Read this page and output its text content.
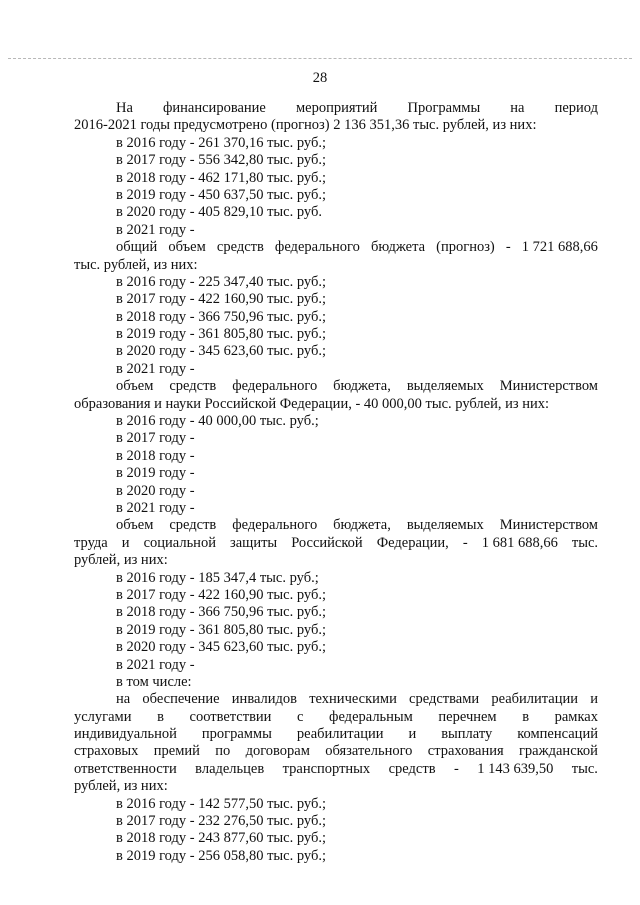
28
На финансирование мероприятий Программы на период
2016-2021 годы предусмотрено (прогноз) 2 136 351,36 тыс. рублей, из них:
в 2016 году - 261 370,16 тыс. руб.;
в 2017 году - 556 342,80 тыс. руб.;
в 2018 году - 462 171,80 тыс. руб.;
в 2019 году - 450 637,50 тыс. руб.;
в 2020 году - 405 829,10 тыс. руб.
в 2021 году -
общий объем средств федерального бюджета (прогноз) - 1 721 688,66
тыс. рублей, из них:
в 2016 году - 225 347,40 тыс. руб.;
в 2017 году - 422 160,90 тыс. руб.;
в 2018 году - 366 750,96 тыс. руб.;
в 2019 году - 361 805,80 тыс. руб.;
в 2020 году - 345 623,60 тыс. руб.;
в 2021 году -
объем средств федерального бюджета, выделяемых Министерством
образования и науки Российской Федерации, - 40 000,00 тыс. рублей, из них:
в 2016 году - 40 000,00 тыс. руб.;
в 2017 году -
в 2018 году -
в 2019 году -
в 2020 году -
в 2021 году -
объем средств федерального бюджета, выделяемых Министерством
труда и социальной защиты Российской Федерации, - 1 681 688,66 тыс.
рублей, из них:
в 2016 году - 185 347,4 тыс. руб.;
в 2017 году - 422 160,90 тыс. руб.;
в 2018 году - 366 750,96 тыс. руб.;
в 2019 году - 361 805,80 тыс. руб.;
в 2020 году - 345 623,60 тыс. руб.;
в 2021 году -
в том числе:
на обеспечение инвалидов техническими средствами реабилитации и
услугами в соответствии с федеральным перечнем в рамках
индивидуальной программы реабилитации и выплату компенсаций
страховых премий по договорам обязательного страхования гражданской
ответственности владельцев транспортных средств - 1 143 639,50 тыс.
рублей, из них:
в 2016 году - 142 577,50 тыс. руб.;
в 2017 году - 232 276,50 тыс. руб.;
в 2018 году - 243 877,60 тыс. руб.;
в 2019 году - 256 058,80 тыс. руб.;
